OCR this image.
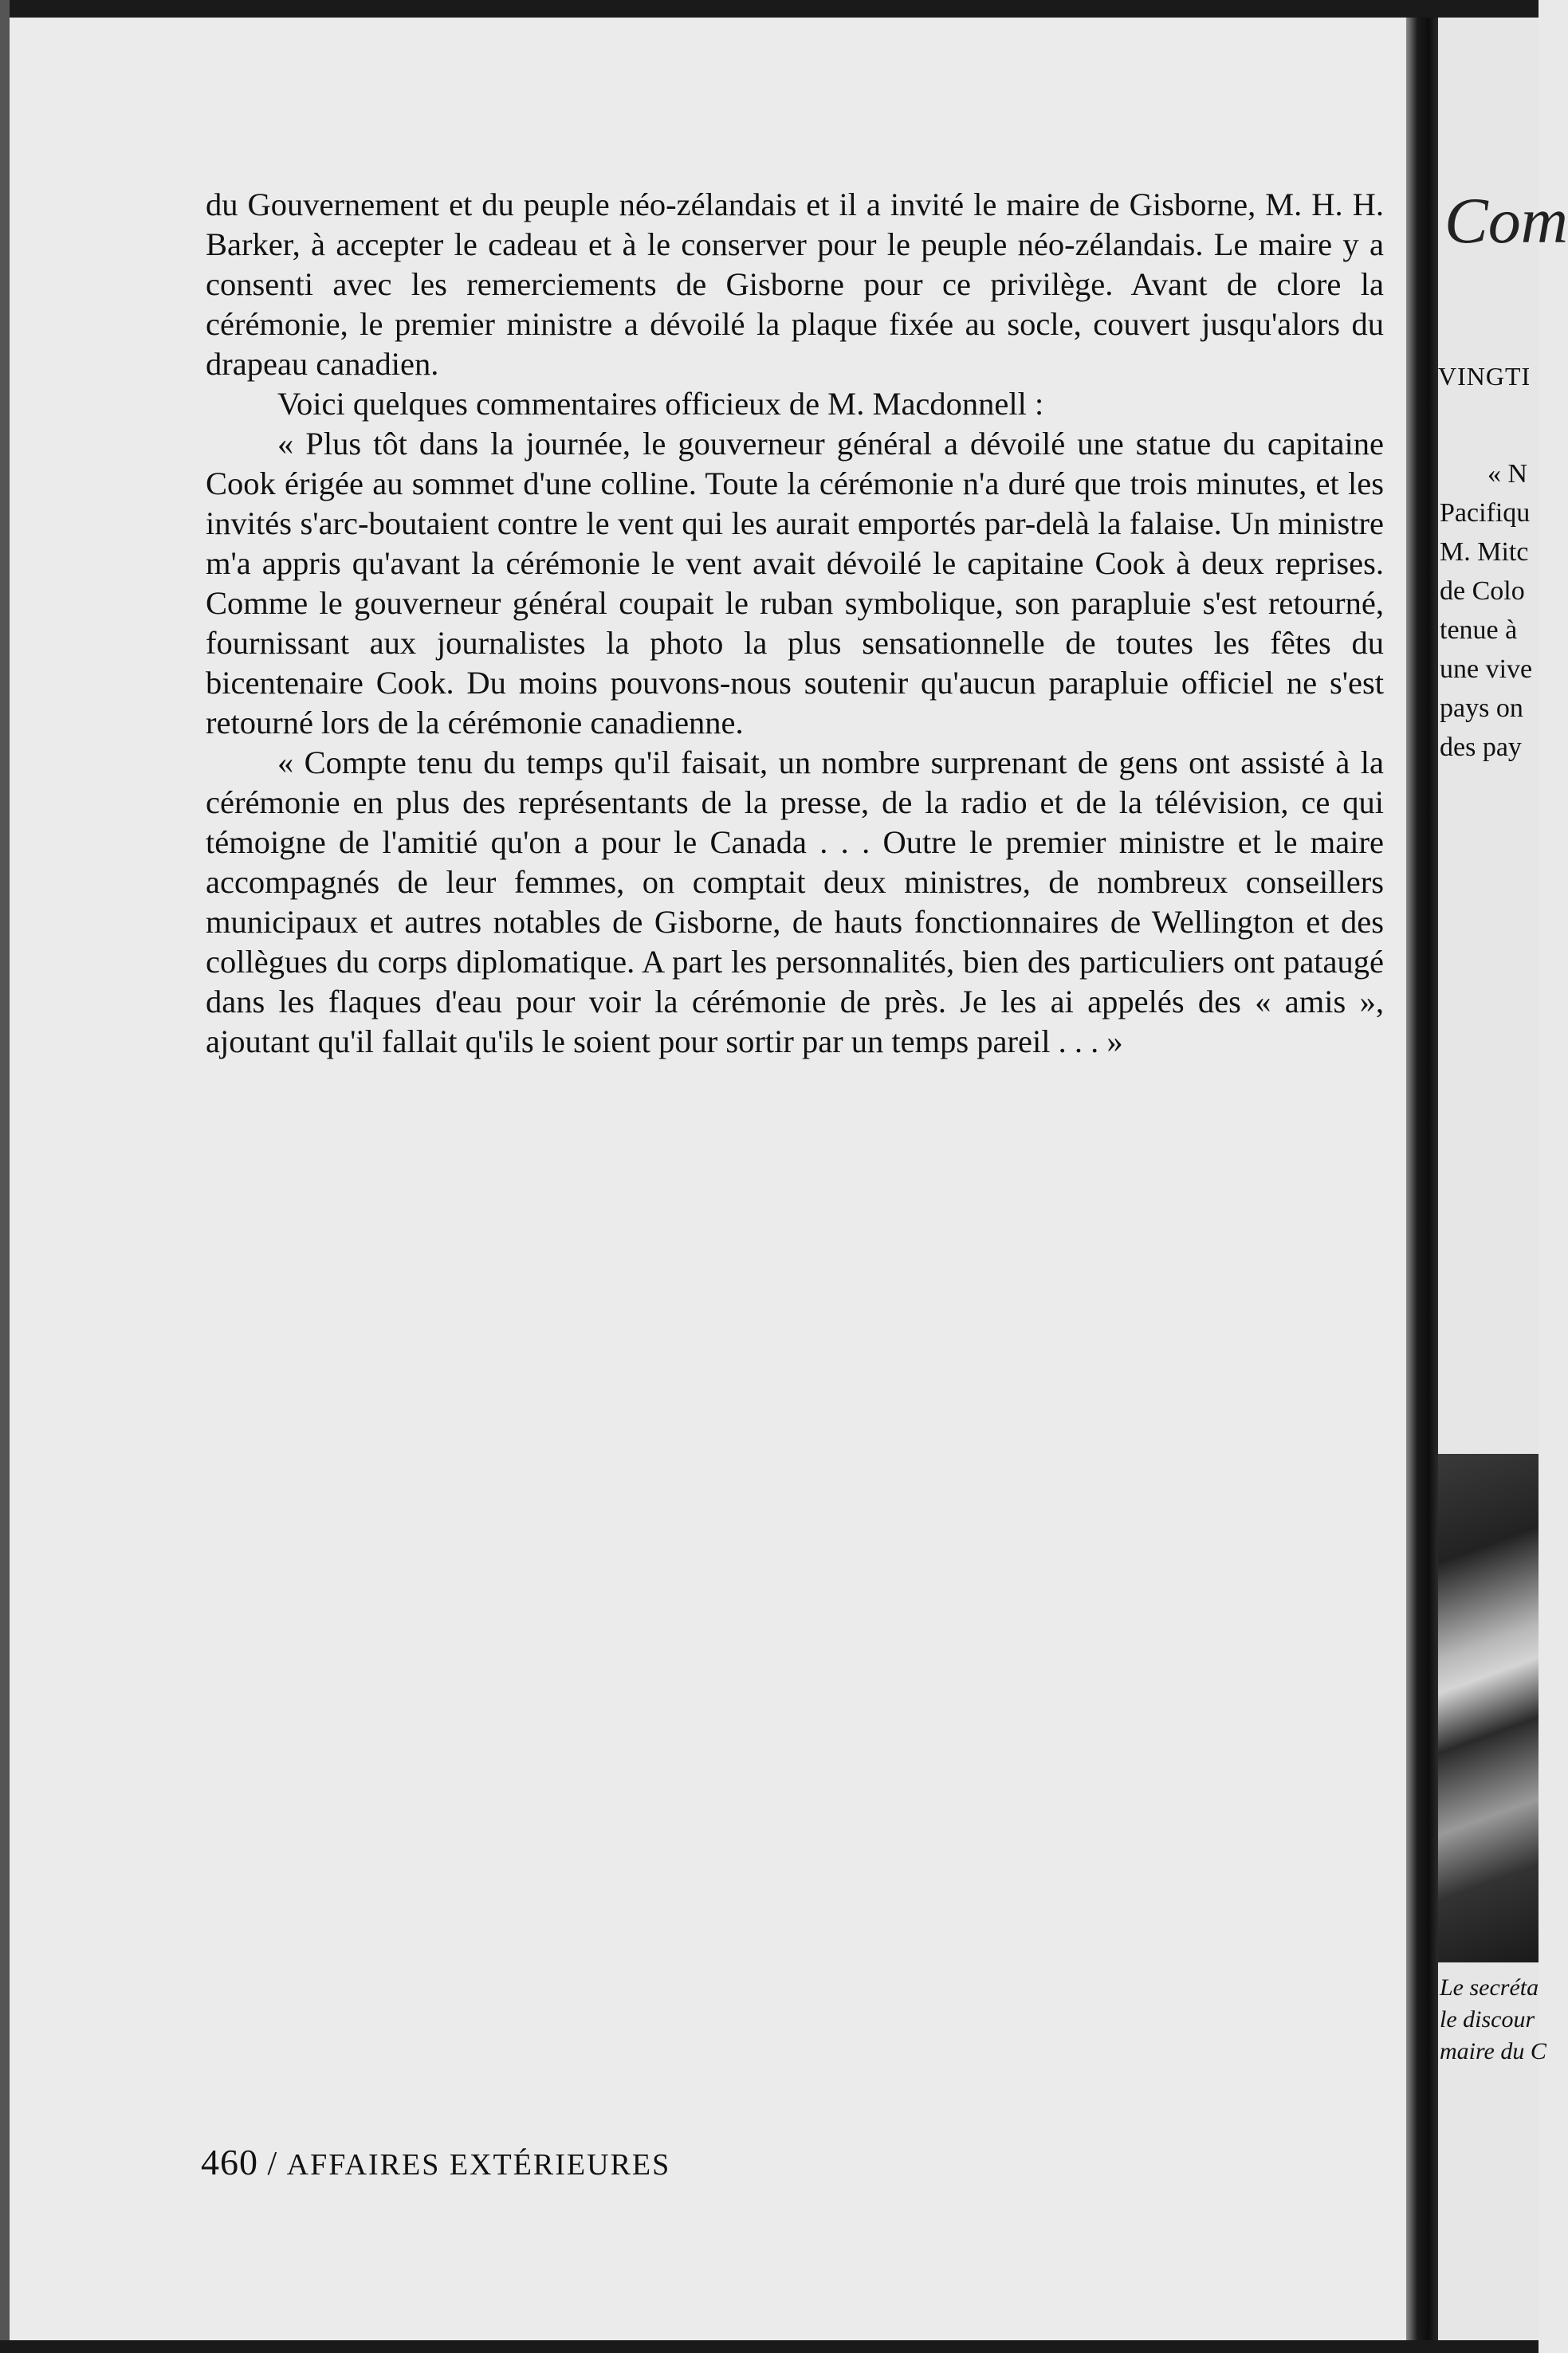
du Gouvernement et du peuple néo-zélandais et il a invité le maire de Gisborne, M. H. H. Barker, à accepter le cadeau et à le conserver pour le peuple néo-zélandais. Le maire y a consenti avec les remerciements de Gisborne pour ce privilège. Avant de clore la cérémonie, le premier ministre a dévoilé la plaque fixée au socle, couvert jusqu'alors du drapeau canadien.

Voici quelques commentaires officieux de M. Macdonnell :

« Plus tôt dans la journée, le gouverneur général a dévoilé une statue du capitaine Cook érigée au sommet d'une colline. Toute la cérémonie n'a duré que trois minutes, et les invités s'arc-boutaient contre le vent qui les aurait emportés par-delà la falaise. Un ministre m'a appris qu'avant la cérémonie le vent avait dévoilé le capitaine Cook à deux reprises. Comme le gouverneur général coupait le ruban symbolique, son parapluie s'est retourné, fournissant aux journalistes la photo la plus sensationnelle de toutes les fêtes du bicentenaire Cook. Du moins pouvons-nous soutenir qu'aucun parapluie officiel ne s'est retourné lors de la cérémonie canadienne.

« Compte tenu du temps qu'il faisait, un nombre surprenant de gens ont assisté à la cérémonie en plus des représentants de la presse, de la radio et de la télévision, ce qui témoigne de l'amitié qu'on a pour le Canada . . . Outre le premier ministre et le maire accompagnés de leur femmes, on comptait deux ministres, de nombreux conseillers municipaux et autres notables de Gisborne, de hauts fonctionnaires de Wellington et des collègues du corps diplomatique. A part les personnalités, bien des particuliers ont pataugé dans les flaques d'eau pour voir la cérémonie de près. Je les ai appelés des « amis », ajoutant qu'il fallait qu'ils le soient pour sortir par un temps pareil . . . »

460 / AFFAIRES EXTÉRIEURES
Com
VINGTI
« N
Pacifiqu
M. Mitc
de Colo
tenue à
une vive
pays on
des pay
Le secréta
le discour
maire du C
